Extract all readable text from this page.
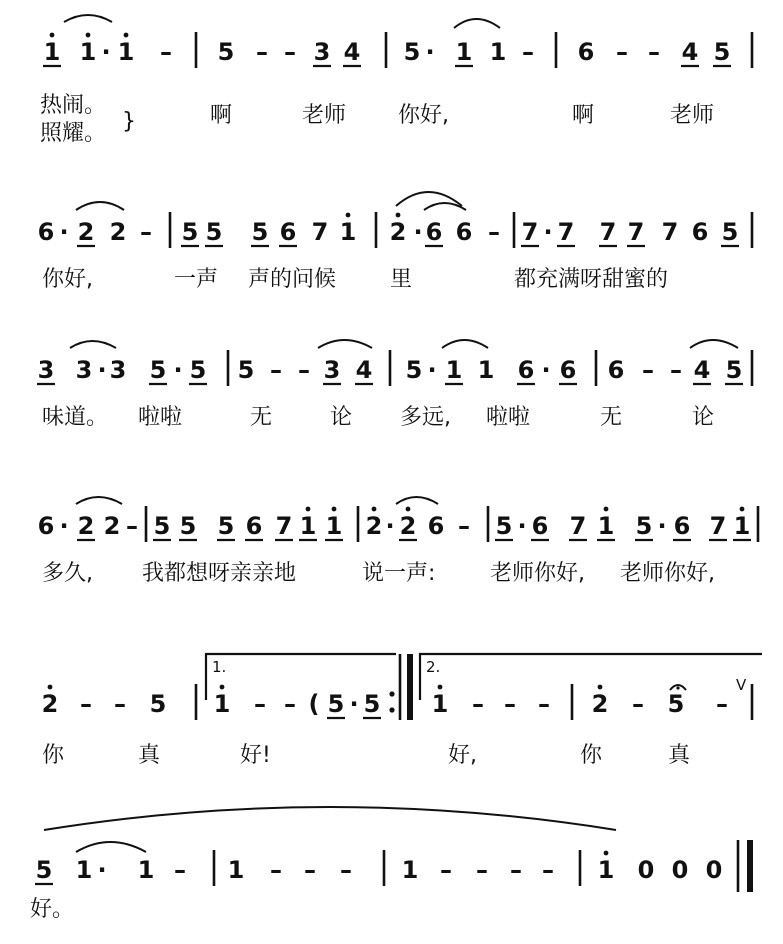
1 1 · 1 – 5 – – 3 4 5 · 1 1 – 6 – – 4 5
6 · 2 2 – 5 5 5 6 7 1 2 · 6 6 – 7 · 7 7 7 7 6 5
3 3 · 3 5 · 5 5 – – 3 4 5 · 1 1 6 · 6 6 – – 4 5
6 · 2 2 – 5 5 5 6 7 1 1 2 · 2 6 – 5 · 6 7 1 5 · 6 7 1
2 – – 5 1 – – ( 5 · 5 1 – – – 2 – 5 –
5 1 · 1 – 1 – – – 1 – – – – 1 0 0 0
热闹。
照耀。 }	啊	老师 你好,	啊	老师
你好,	一声 声的问候 里	都充满呀甜蜜的
味道。 啦啦	无	论 多远, 啦啦	无	论
多久, 我都想呀亲亲地	说一声: 老师你好, 老师你好,
你	真	好!	好,	你	真
好。
1.	2.
V
